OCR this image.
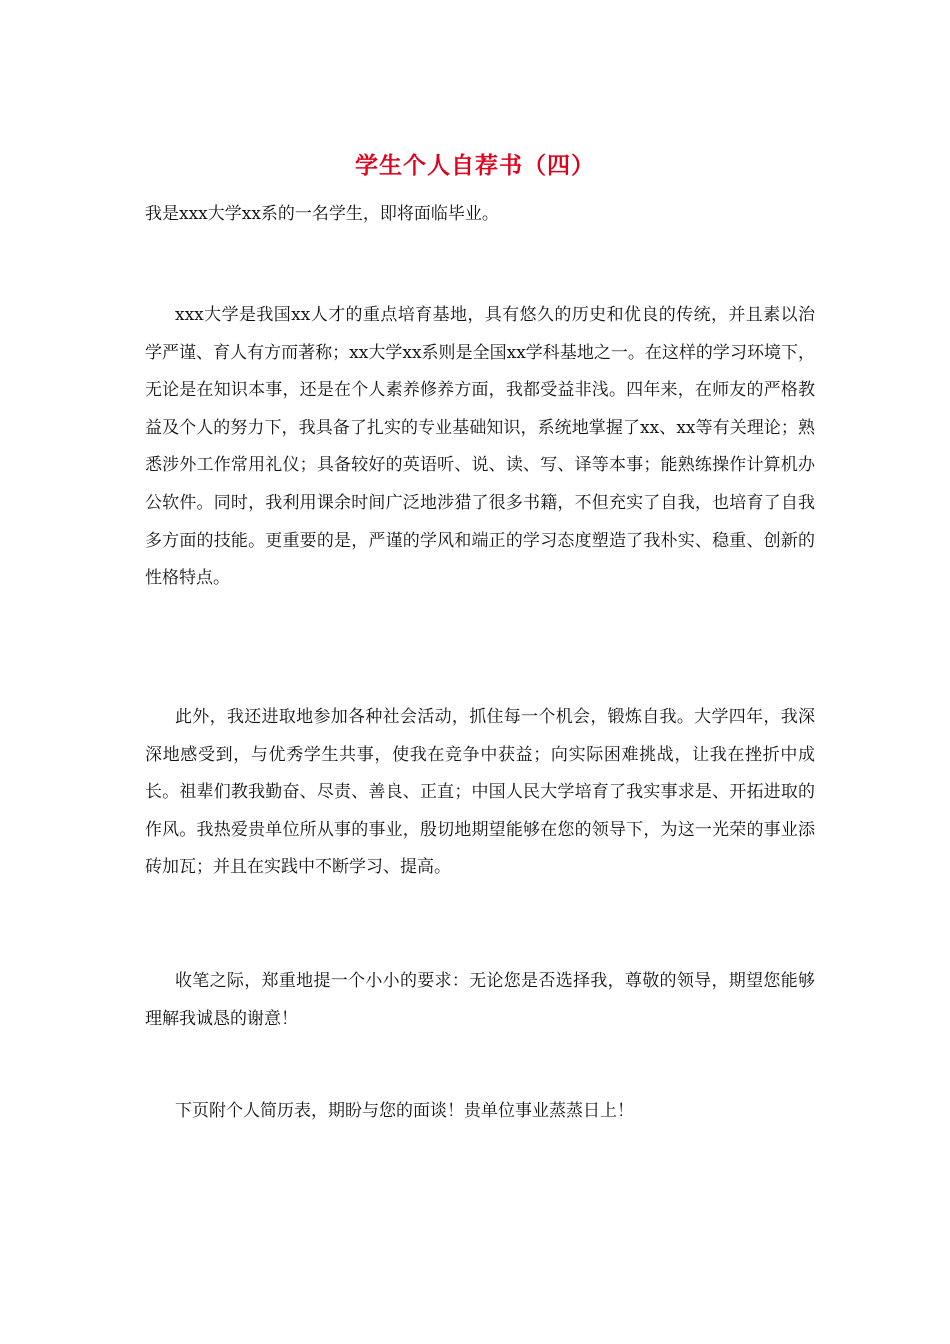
学生个人自荐书（四）

我是xxx大学xx系的一名学生，即将面临毕业。

xxx大学是我国xx人才的重点培育基地，具有悠久的历史和优良的传统，并且素以治学严谨、育人有方而著称；xx大学xx系则是全国xx学科基地之一。在这样的学习环境下，无论是在知识本事，还是在个人素养修养方面，我都受益非浅。四年来，在师友的严格教益及个人的努力下，我具备了扎实的专业基础知识，系统地掌握了xx、xx等有关理论；熟悉涉外工作常用礼仪；具备较好的英语听、说、读、写、译等本事；能熟练操作计算机办公软件。同时，我利用课余时间广泛地涉猎了很多书籍，不但充实了自我，也培育了自我多方面的技能。更重要的是，严谨的学风和端正的学习态度塑造了我朴实、稳重、创新的性格特点。

此外，我还进取地参加各种社会活动，抓住每一个机会，锻炼自我。大学四年，我深深地感受到，与优秀学生共事，使我在竞争中获益；向实际困难挑战，让我在挫折中成长。祖辈们教我勤奋、尽责、善良、正直；中国人民大学培育了我实事求是、开拓进取的作风。我热爱贵单位所从事的事业，殷切地期望能够在您的领导下，为这一光荣的事业添砖加瓦；并且在实践中不断学习、提高。

收笔之际，郑重地提一个小小的要求：无论您是否选择我，尊敬的领导，期望您能够理解我诚恳的谢意！

下页附个人简历表，期盼与您的面谈！贵单位事业蒸蒸日上！
